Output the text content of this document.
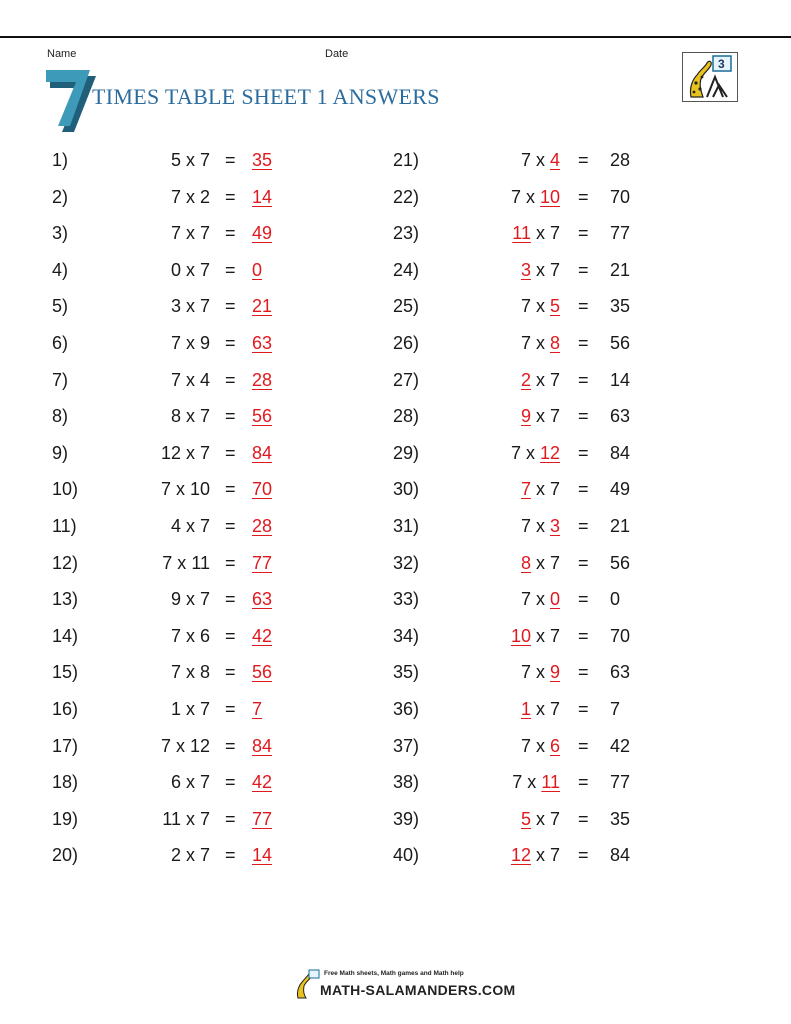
Name	Date
TIMES TABLE SHEET 1 ANSWERS
3
1)	5 x 7 = 35
2)	7 x 2 = 14
3)	7 x 7 = 49
4)	0 x 7 = 0
5)	3 x 7 = 21
6)	7 x 9 = 63
7)	7 x 4 = 28
8)	8 x 7 = 56
9)	12 x 7 = 84
10)	7 x 10 = 70
11)	4 x 7 = 28
12)	7 x 11 = 77
13)	9 x 7 = 63
14)	7 x 6 = 42
15)	7 x 8 = 56
16)	1 x 7 = 7
17)	7 x 12 = 84
18)	6 x 7 = 42
19)	11 x 7 = 77
20)	2 x 7 = 14
21)	7 x 4 = 28
22)	7 x 10 = 70
23)	11 x 7 = 77
24)	3 x 7 = 21
25)	7 x 5 = 35
26)	7 x 8 = 56
27)	2 x 7 = 14
28)	9 x 7 = 63
29)	7 x 12 = 84
30)	7 x 7 = 49
31)	7 x 3 = 21
32)	8 x 7 = 56
33)	7 x 0 = 0
34)	10 x 7 = 70
35)	7 x 9 = 63
36)	1 x 7 = 7
37)	7 x 6 = 42
38)	7 x 11 = 77
39)	5 x 7 = 35
40)	12 x 7 = 84
Free Math sheets, Math games and Math help
MATH-SALAMANDERS.COM
